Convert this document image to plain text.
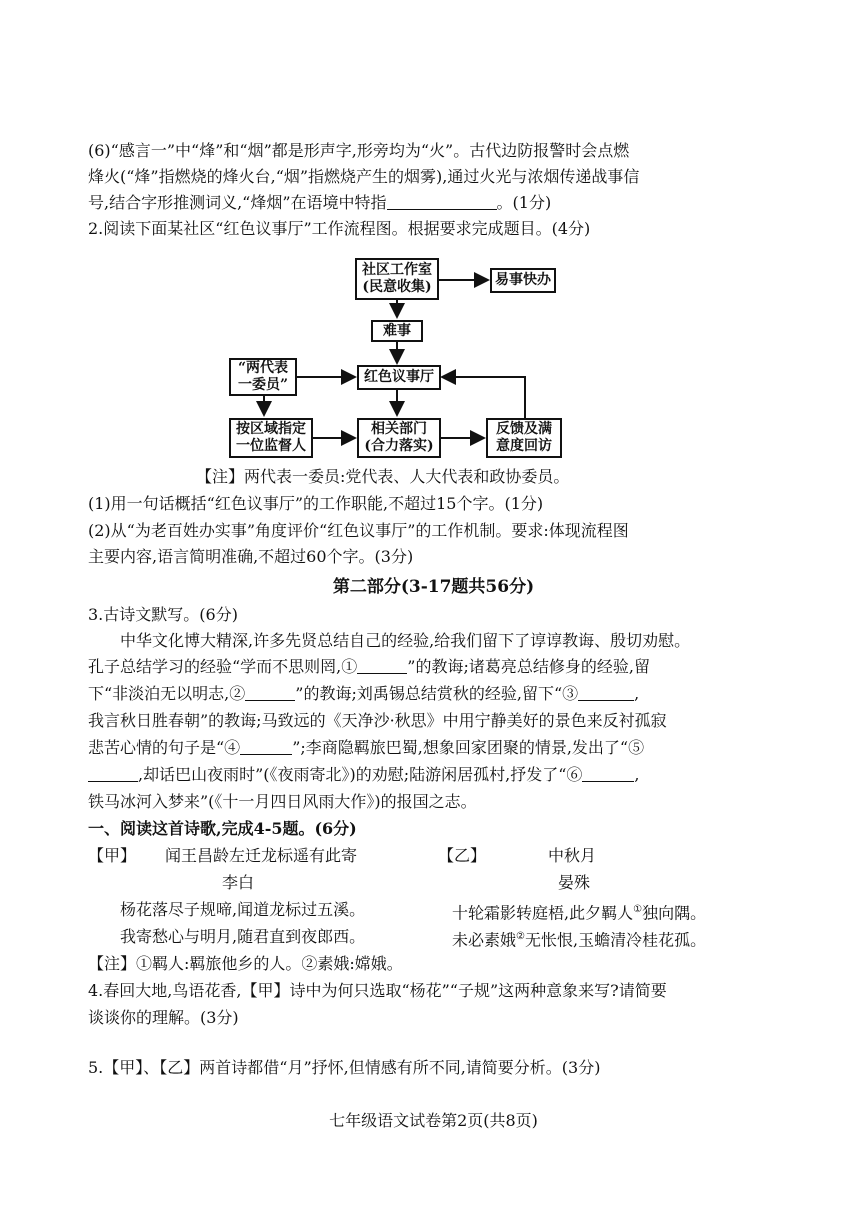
(6)“感言一”中“烽”和“烟”都是形声字,形旁均为“火”。古代边防报警时会点燃
烽火(“烽”指燃烧的烽火台,“烟”指燃烧产生的烟雾),通过火光与浓烟传递战事信
号,结合字形推测词义,“烽烟”在语境中特指	。(1分)
2.阅读下面某社区“红色议事厅”工作流程图。根据要求完成题目。(4分)
社区工作室
(民意收集)	易事快办
难事
红色议事厅
“两代表
一委员”
按区域指定
一位监督人
相关部门
(合力落实)
反馈及满
意度回访
【注】两代表一委员:党代表、人大代表和政协委员。
(1)用一句话概括“红色议事厅”的工作职能,不超过15个字。(1分)
(2)从“为老百姓办实事”角度评价“红色议事厅”的工作机制。要求:体现流程图
主要内容,语言简明准确,不超过60个字。(3分)
第二部分(3-17题共56分)
3.古诗文默写。(6分)
中华文化博大精深,许多先贤总结自己的经验,给我们留下了谆谆教诲、殷切劝慰。
孔子总结学习的经验“学而不思则罔,①	”的教诲;诸葛亮总结修身的经验,留
下“非淡泊无以明志,②	”的教诲;刘禹锡总结赏秋的经验,留下“③	,
我言秋日胜春朝”的教诲;马致远的《天净沙·秋思》中用宁静美好的景色来反衬孤寂
悲苦心情的句子是“④	”;李商隐羁旅巴蜀,想象回家团聚的情景,发出了“⑤
,却话巴山夜雨时”(《夜雨寄北》)的劝慰;陆游闲居孤村,抒发了“⑥	,
铁马冰河入梦来”(《十一月四日风雨大作》)的报国之志。
一、阅读这首诗歌,完成4-5题。(6分)
【甲】 闻王昌龄左迁龙标遥有此寄	【乙】	中秋月
李白	晏殊
杨花落尽子规啼,闻道龙标过五溪。	十轮霜影转庭梧,此夕羁人①独向隅。
我寄愁心与明月,随君直到夜郎西。	未必素娥②无怅恨,玉蟾清冷桂花孤。
【注】①羁人:羁旅他乡的人。②素娥:嫦娥。
4.春回大地,鸟语花香,【甲】诗中为何只选取“杨花”“子规”这两种意象来写?请简要
谈谈你的理解。(3分)
5.【甲】、【乙】两首诗都借“月”抒怀,但情感有所不同,请简要分析。(3分)
七年级语文试卷第2页(共8页)
